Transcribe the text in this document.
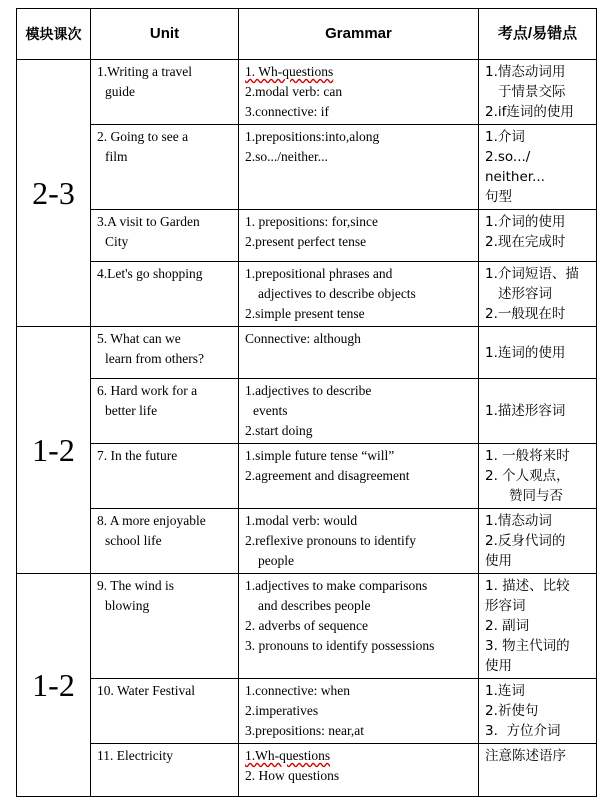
模块课次	Unit	Grammar	考点/易错点
2-3	1.Writing a travel
guide	1. Wh-questions
2.modal verb: can
3.connective: if	1.情态动词用
于情景交际
2.if连词的使用

	2. Going to see a
film	1.prepositions:into,along
2.so.../neither...	1.介词
2.so.../ neither...
句型

	3.A visit to Garden
City	1. prepositions: for,since
2.present perfect tense	1.介词的使用
2.现在完成时

	4.Let's go shopping	1.prepositional phrases and
adjectives to describe objects
2.simple present tense	1.介词短语、描
述形容词
2.一般现在时

1-2	5. What can we
learn from others?	Connective: although	1.连词的使用

	6. Hard work for a
better life	1.adjectives to describe
events
2.start doing	1.描述形容词

	7. In the future	1.simple future tense “will”
2.agreement and disagreement	1. 一般将来时
2. 个人观点，
赞同与否

	8. A more enjoyable
school life	1.modal verb: would
2.reflexive pronouns to identify
people	1.情态动词
2.反身代词的
使用

1-2	9. The wind is
blowing	1.adjectives to make comparisons
and describes people
2. adverbs of sequence
3. pronouns to identify possessions	1. 描述、比较
形容词
2. 副词
3. 物主代词的
使用

	10. Water Festival	1.connective: when
2.imperatives
3.prepositions: near,at	1.连词
2.祈使句
3.  方位介词

	11. Electricity	1.Wh-questions
2. How questions	注意陈述语序
